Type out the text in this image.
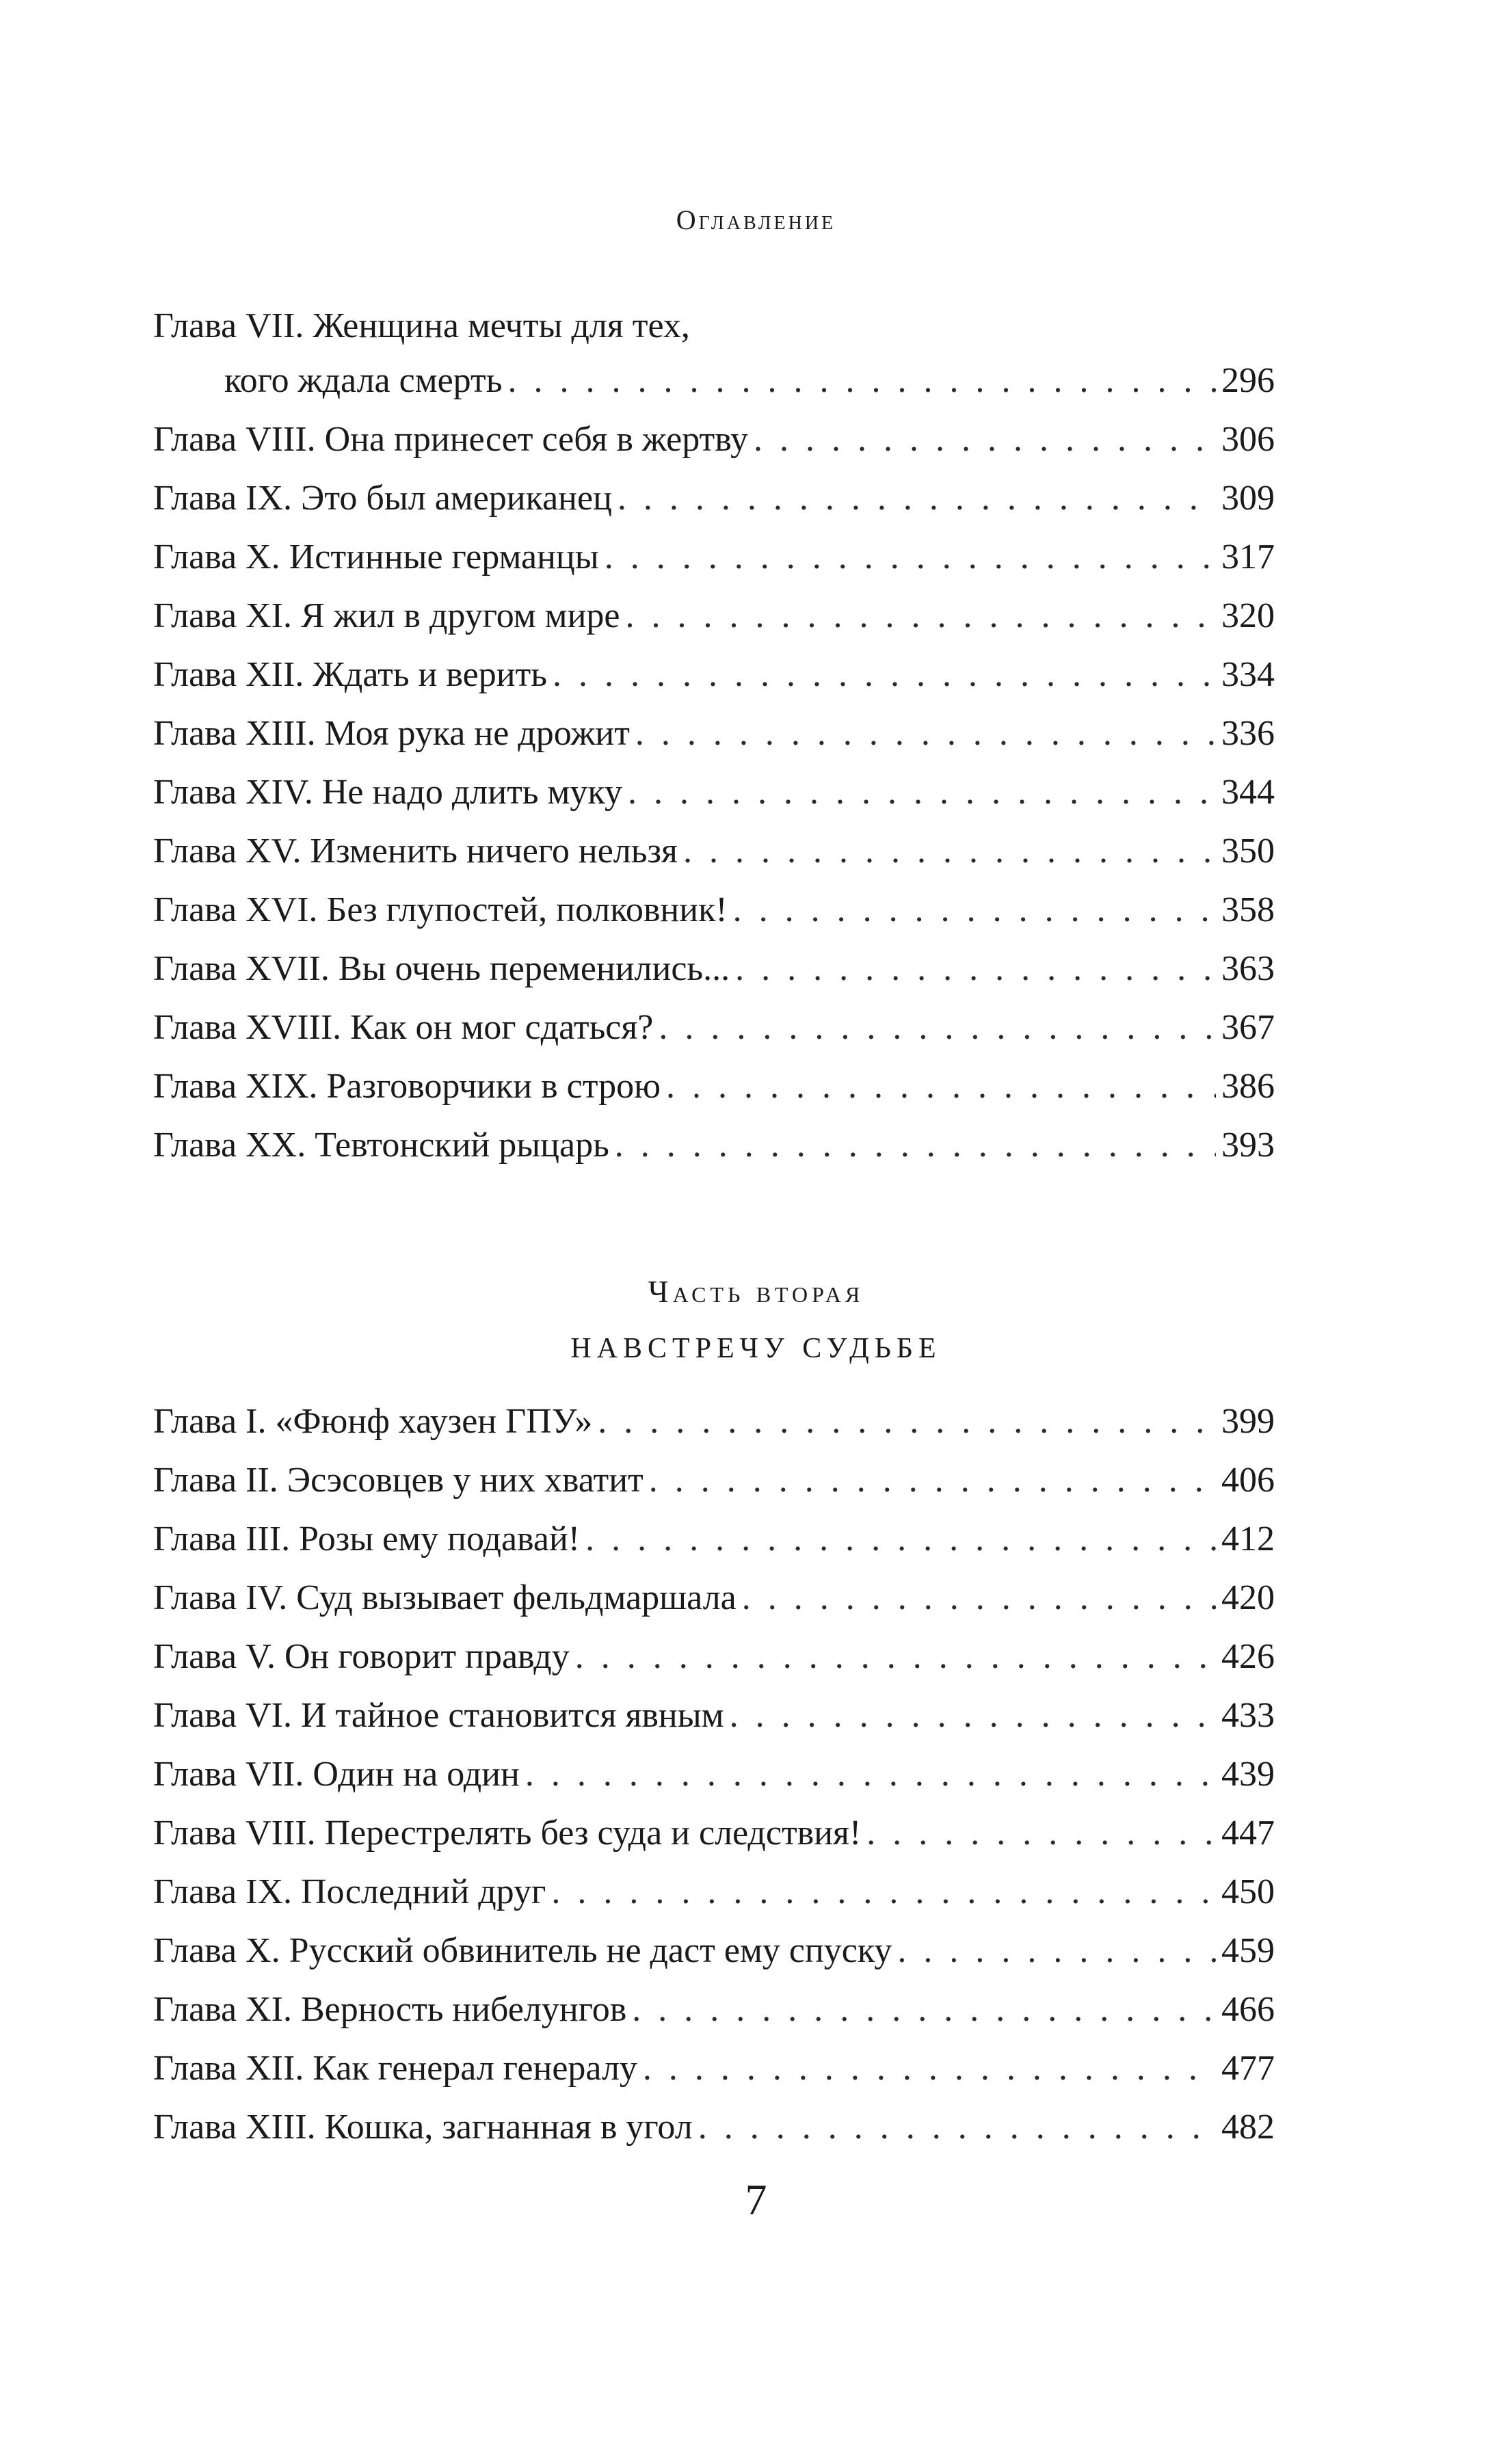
Оглавление
Глава VII. Женщина мечты для тех,
кого ждала смерть . . .	296
Глава VIII. Она принесет себя в жертву . . .	306
Глава IX. Это был американец . . .	309
Глава X. Истинные германцы . . .	317
Глава XI. Я жил в другом мире . . .	320
Глава XII. Ждать и верить . . .	334
Глава XIII. Моя рука не дрожит . . .	336
Глава XIV. Не надо длить муку . . .	344
Глава XV. Изменить ничего нельзя . . .	350
Глава XVI. Без глупостей, полковник! . . .	358
Глава XVII. Вы очень переменились... . . .	363
Глава XVIII. Как он мог сдаться? . . .	367
Глава XIX. Разговорчики в строю . . .	386
Глава XX. Тевтонский рыцарь . . .	393
Часть вторая
НАВСТРЕЧУ СУДЬБЕ
Глава I. «Фюнф хаузен ГПУ» . . .	399
Глава II. Эсэсовцев у них хватит . . .	406
Глава III. Розы ему подавай! . . .	412
Глава IV. Суд вызывает фельдмаршала . . .	420
Глава V. Он говорит правду . . .	426
Глава VI. И тайное становится явным . . .	433
Глава VII. Один на один . . .	439
Глава VIII. Перестрелять без суда и следствия! . . .	447
Глава IX. Последний друг . . .	450
Глава X. Русский обвинитель не даст ему спуску . . .	459
Глава XI. Верность нибелунгов . . .	466
Глава XII. Как генерал генералу . . .	477
Глава XIII. Кошка, загнанная в угол . . .	482
7
